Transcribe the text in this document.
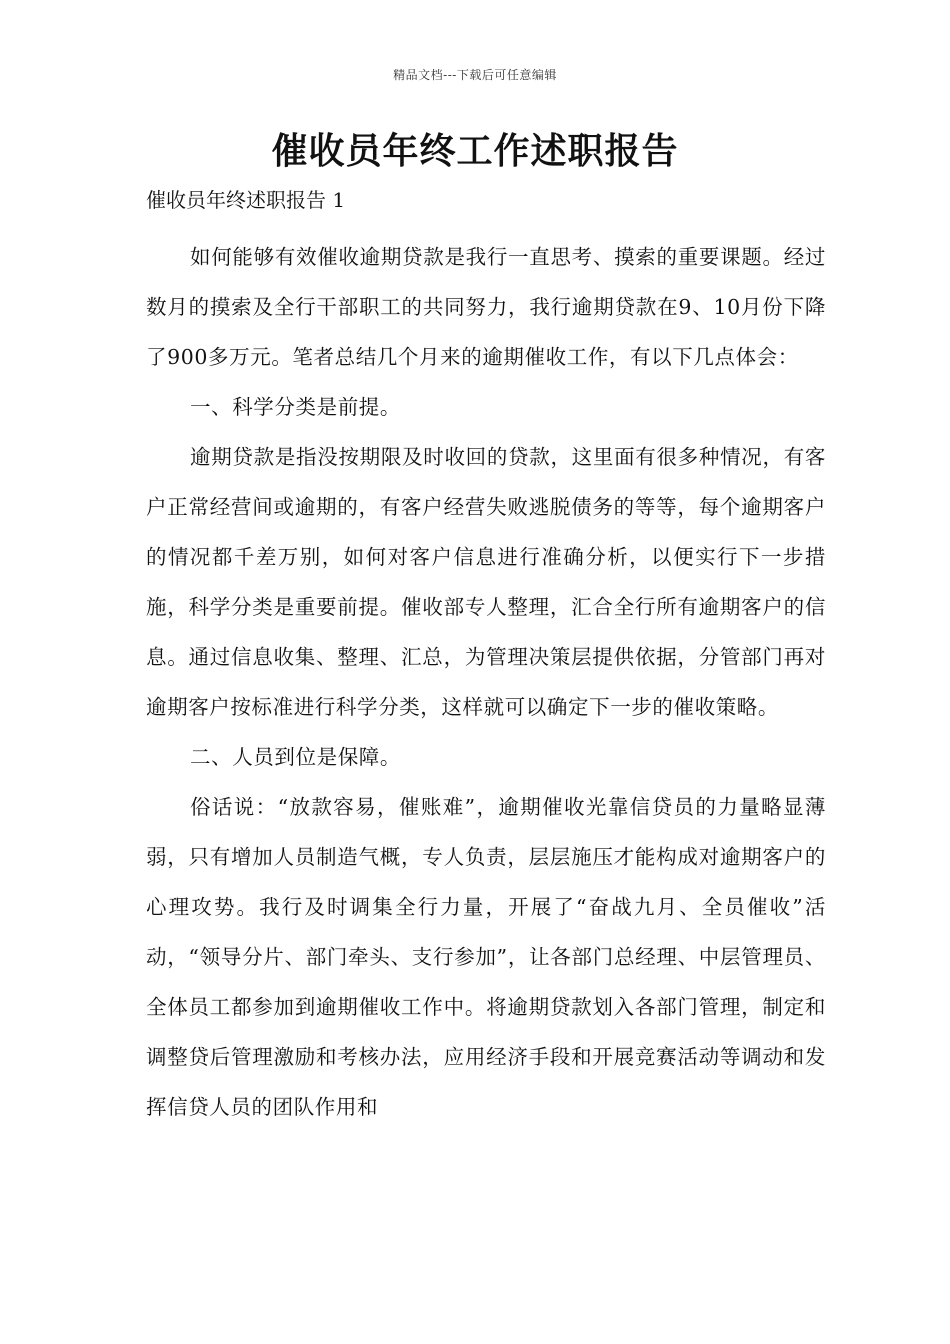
精品文档---下载后可任意编辑
催收员年终工作述职报告

催收员年终述职报告 1

如何能够有效催收逾期贷款是我行一直思考、摸索的重要课题。经过数月的摸索及全行干部职工的共同努力，我行逾期贷款在9、10月份下降了900多万元。笔者总结几个月来的逾期催收工作，有以下几点体会：

一、科学分类是前提。

逾期贷款是指没按期限及时收回的贷款，这里面有很多种情况，有客户正常经营间或逾期的，有客户经营失败逃脱债务的等等，每个逾期客户的情况都千差万别，如何对客户信息进行准确分析，以便实行下一步措施，科学分类是重要前提。催收部专人整理，汇合全行所有逾期客户的信息。通过信息收集、整理、汇总，为管理决策层提供依据，分管部门再对逾期客户按标准进行科学分类，这样就可以确定下一步的催收策略。

二、人员到位是保障。

俗话说：“放款容易，催账难”，逾期催收光靠信贷员的力量略显薄弱，只有增加人员制造气概，专人负责，层层施压才能构成对逾期客户的心理攻势。我行及时调集全行力量，开展了“奋战九月、全员催收”活动，“领导分片、部门牵头、支行参加”，让各部门总经理、中层管理员、全体员工都参加到逾期催收工作中。将逾期贷款划入各部门管理，制定和调整贷后管理激励和考核办法，应用经济手段和开展竞赛活动等调动和发挥信贷人员的团队作用和
